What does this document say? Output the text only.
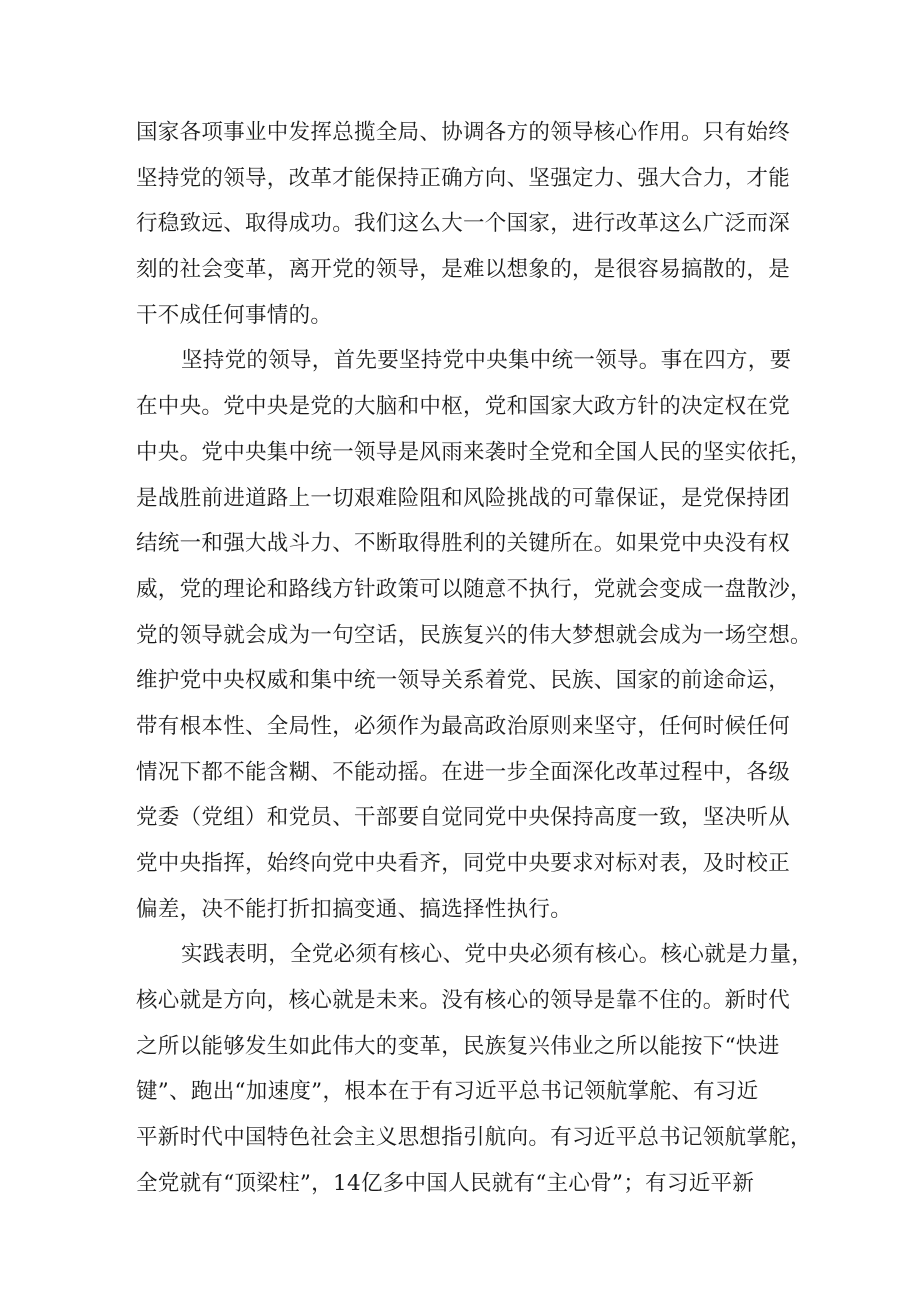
国家各项事业中发挥总揽全局、协调各方的领导核心作用。只有始终
坚持党的领导，改革才能保持正确方向、坚强定力、强大合力，才能
行稳致远、取得成功。我们这么大一个国家，进行改革这么广泛而深
刻的社会变革，离开党的领导，是难以想象的，是很容易搞散的，是
干不成任何事情的。
坚持党的领导，首先要坚持党中央集中统一领导。事在四方，要
在中央。党中央是党的大脑和中枢，党和国家大政方针的决定权在党
中央。党中央集中统一领导是风雨来袭时全党和全国人民的坚实依托，
是战胜前进道路上一切艰难险阻和风险挑战的可靠保证，是党保持团
结统一和强大战斗力、不断取得胜利的关键所在。如果党中央没有权
威，党的理论和路线方针政策可以随意不执行，党就会变成一盘散沙，
党的领导就会成为一句空话，民族复兴的伟大梦想就会成为一场空想。
维护党中央权威和集中统一领导关系着党、民族、国家的前途命运，
带有根本性、全局性，必须作为最高政治原则来坚守，任何时候任何
情况下都不能含糊、不能动摇。在进一步全面深化改革过程中，各级
党委（党组）和党员、干部要自觉同党中央保持高度一致，坚决听从
党中央指挥，始终向党中央看齐，同党中央要求对标对表，及时校正
偏差，决不能打折扣搞变通、搞选择性执行。
实践表明，全党必须有核心、党中央必须有核心。核心就是力量，
核心就是方向，核心就是未来。没有核心的领导是靠不住的。新时代
之所以能够发生如此伟大的变革，民族复兴伟业之所以能按下“快进
键”、跑出“加速度”，根本在于有习近平总书记领航掌舵、有习近
平新时代中国特色社会主义思想指引航向。有习近平总书记领航掌舵，
全党就有“顶梁柱”，14亿多中国人民就有“主心骨”；有习近平新
